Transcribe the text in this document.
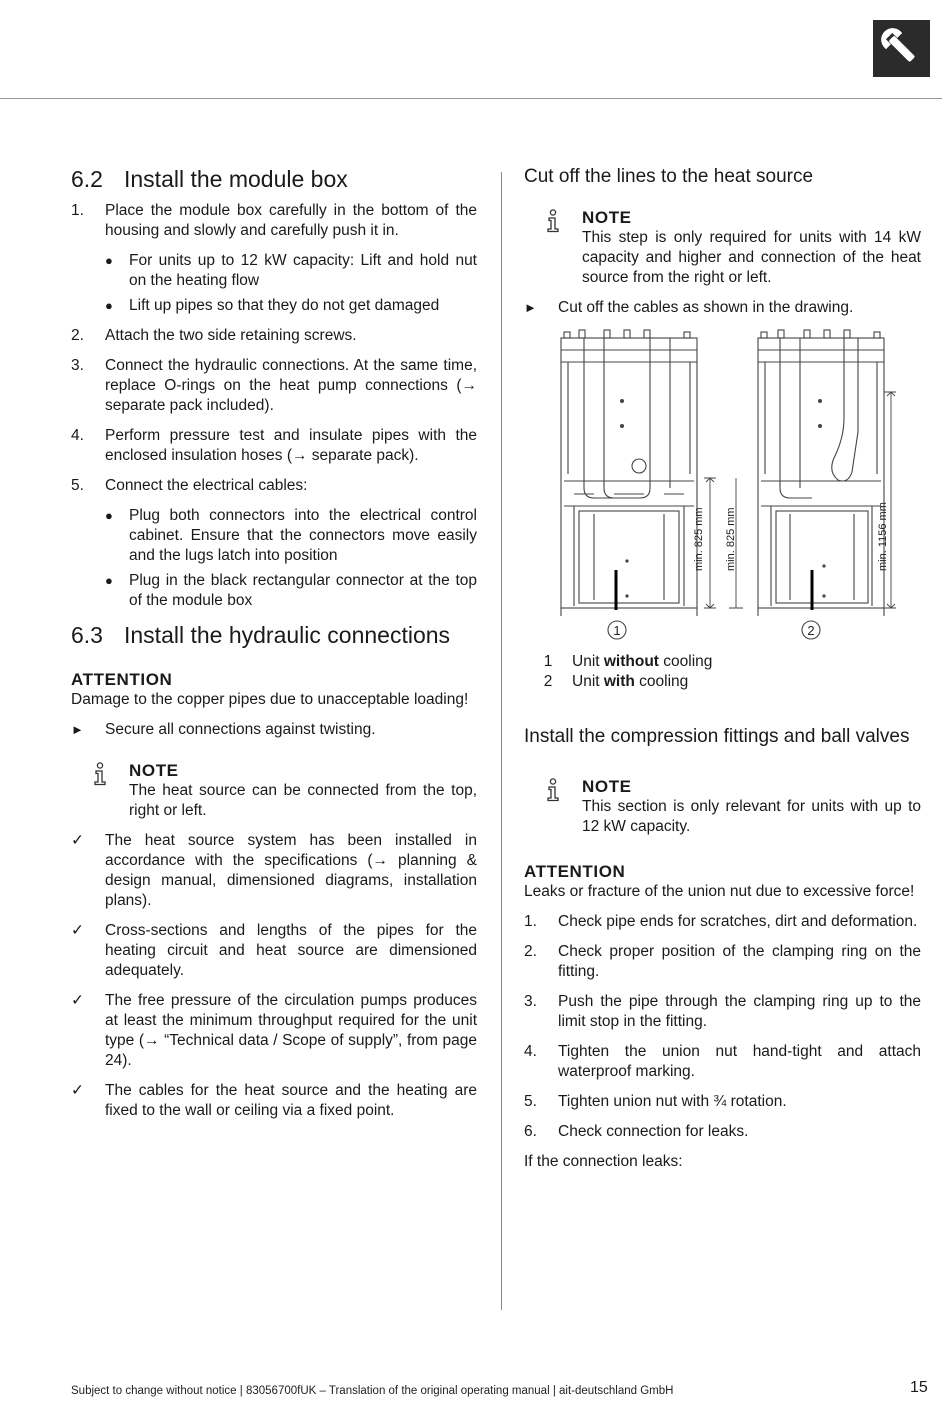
6.2 Install the module box
1.	Place the module box carefully in the bottom of the housing and slowly and carefully push it in.
●	For units up to 12 kW capacity: Lift and hold nut on the heating flow
●	Lift up pipes so that they do not get damaged
2.	Attach the two side retaining screws.
3.	Connect the hydraulic connections. At the same time, replace O-rings on the heat pump connections (→ separate pack included).
4.	Perform pressure test and insulate pipes with the enclosed insulation hoses (→ separate pack).
5.	Connect the electrical cables:
●	Plug both connectors into the electrical control cabinet. Ensure that the connectors move easily and the lugs latch into position
●	Plug in the black rectangular connector at the top of the module box
6.3 Install the hydraulic connections
ATTENTION

Damage to the copper pipes due to unacceptable loading!

►	Secure all connections against twisting.
NOTE
The heat source can be connected from the top, right or left.
✓	The heat source system has been installed in accordance with the specifications (→ planning & design manual, dimensioned diagrams, installation plans).
✓	Cross-sections and lengths of the pipes for the heating circuit and heat source are dimensioned adequately.
✓	The free pressure of the circulation pumps produces at least the minimum throughput required for the unit type (→ “Technical data / Scope of supply”, from page 24).
✓	The cables for the heat source and the heating are fixed to the wall or ceiling via a fixed point.
Cut off the lines to the heat source
NOTE
This step is only required for units with 14 kW capacity and higher and connection of the heat source from the right or left.
►	Cut off the cables as shown in the drawing.
min. 825 mm min. 825 mm	min. 1156 mm
1	2
1	Unit without cooling
2	Unit with cooling
Install the compression fittings and ball valves
NOTE
This section is only relevant for units with up to 12 kW capacity.
ATTENTION

Leaks or fracture of the union nut due to excessive force!

1.	Check pipe ends for scratches, dirt and deformation.
2.	Check proper position of the clamping ring on the fitting.
3.	Push the pipe through the clamping ring up to the limit stop in the fitting.
4.	Tighten the union nut hand-tight and attach waterproof marking.
5.	Tighten union nut with ¾ rotation.
6.	Check connection for leaks.

If the connection leaks:

Subject to change without notice | 83056700fUK – Translation of the original operating manual | ait-deutschland GmbH	15
